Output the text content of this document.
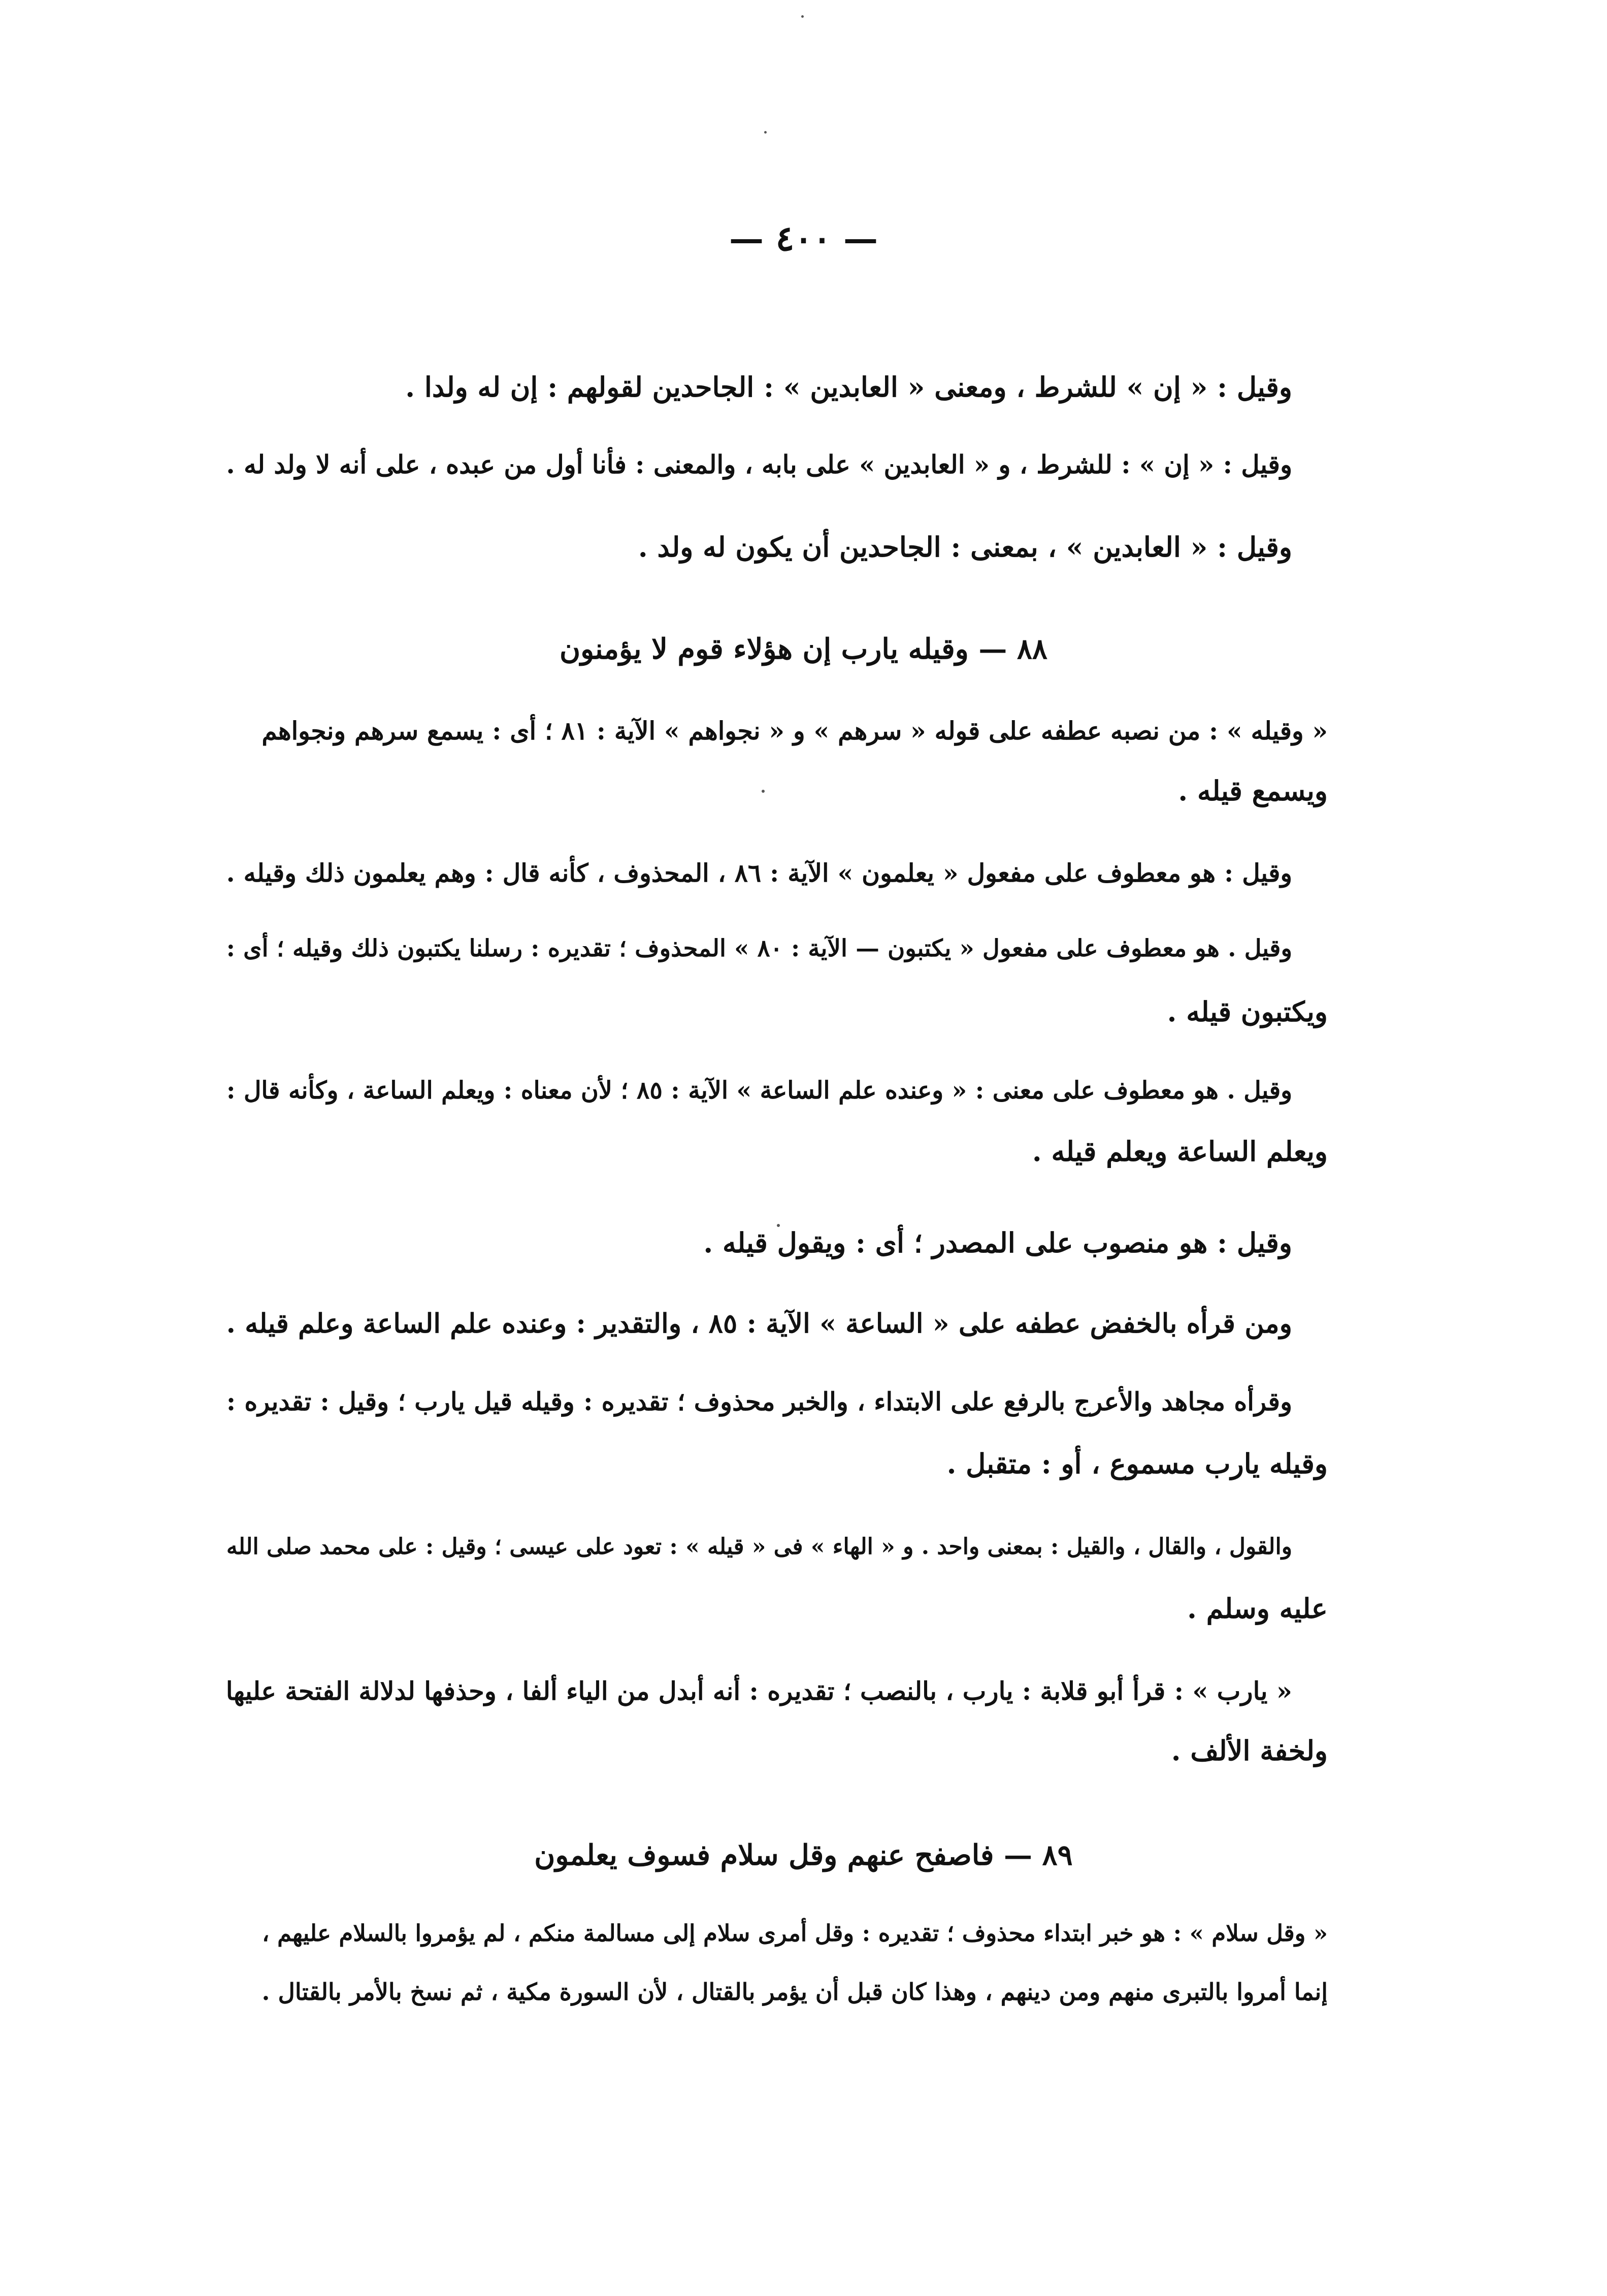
— ٤٠٠ —
وقيل : « إن » للشرط ، ومعنى « العابدين » : الجاحدين لقولهم : إن له ولدا .
وقيل : « إن » : للشرط ، و « العابدين » على بابه ، والمعنى : فأنا أول من عبده ، على أنه لا ولد له .
وقيل : « العابدين » ، بمعنى : الجاحدين أن يكون له ولد .
٨٨ — وقيله يارب إن هؤلاء قوم لا يؤمنون
« وقيله » : من نصبه عطفه على قوله « سرهم » و « نجواهم » الآية : ٨١ ؛ أى : يسمع سرهم ونجواهم
ويسمع قيله .
وقيل : هو معطوف على مفعول « يعلمون » الآية : ٨٦ ، المحذوف ، كأنه قال : وهم يعلمون ذلك وقيله .
وقيل . هو معطوف على مفعول « يكتبون — الآية : ٨٠ » المحذوف ؛ تقديره : رسلنا يكتبون ذلك وقيله ؛ أى :
ويكتبون قيله .
وقيل . هو معطوف على معنى : « وعنده علم الساعة » الآية : ٨٥ ؛ لأن معناه : ويعلم الساعة ، وكأنه قال :
ويعلم الساعة ويعلم قيله .
وقيل : هو منصوب على المصدر ؛ أى : ويقول قيله .
ومن قرأه بالخفض عطفه على « الساعة » الآية : ٨٥ ، والتقدير : وعنده علم الساعة وعلم قيله .
وقرأه مجاهد والأعرج بالرفع على الابتداء ، والخبر محذوف ؛ تقديره : وقيله قيل يارب ؛ وقيل : تقديره :
وقيله يارب مسموع ، أو : متقبل .
والقول ، والقال ، والقيل : بمعنى واحد . و « الهاء » فى « قيله » : تعود على عيسى ؛ وقيل : على محمد صلى الله
عليه وسلم .
« يارب » : قرأ أبو قلابة : يارب ، بالنصب ؛ تقديره : أنه أبدل من الياء ألفا ، وحذفها لدلالة الفتحة عليها
ولخفة الألف .
٨٩ — فاصفح عنهم وقل سلام فسوف يعلمون
« وقل سلام » : هو خبر ابتداء محذوف ؛ تقديره : وقل أمرى سلام إلى مسالمة منكم ، لم يؤمروا بالسلام عليهم ،
إنما أمروا بالتبرى منهم ومن دينهم ، وهذا كان قبل أن يؤمر بالقتال ، لأن السورة مكية ، ثم نسخ بالأمر بالقتال .
